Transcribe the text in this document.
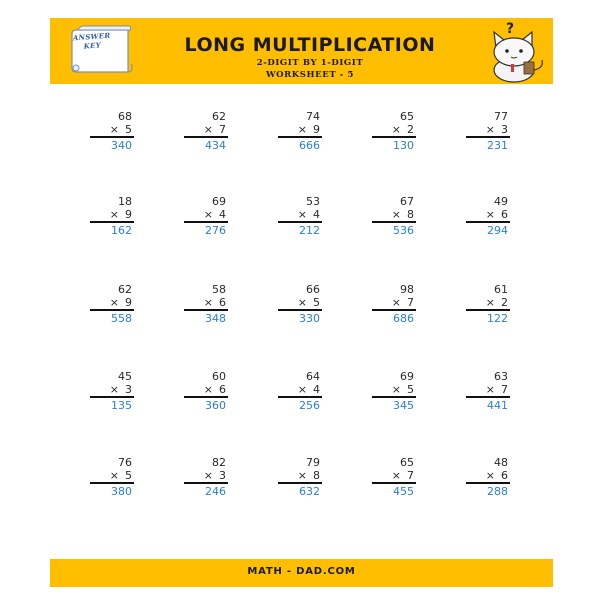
ANSWER
KEY	LONG MULTIPLICATION
2-DIGIT BY 1-DIGIT
WORKSHEET - 5
?
68
× 5
340
62
× 7
434
74
× 9
666
65
× 2
130
77
× 3
231
18
× 9
162
69
× 4
276
53
× 4
212
67
× 8
536
49
× 6
294
62
× 9
558
58
× 6
348
66
× 5
330
98
× 7
686
61
× 2
122
45
× 3
135
60
× 6
360
64
× 4
256
69
× 5
345
63
× 7
441
76
× 5
380
82
× 3
246
79
× 8
632
65
× 7
455
48
× 6
288
MATH - DAD.COM
